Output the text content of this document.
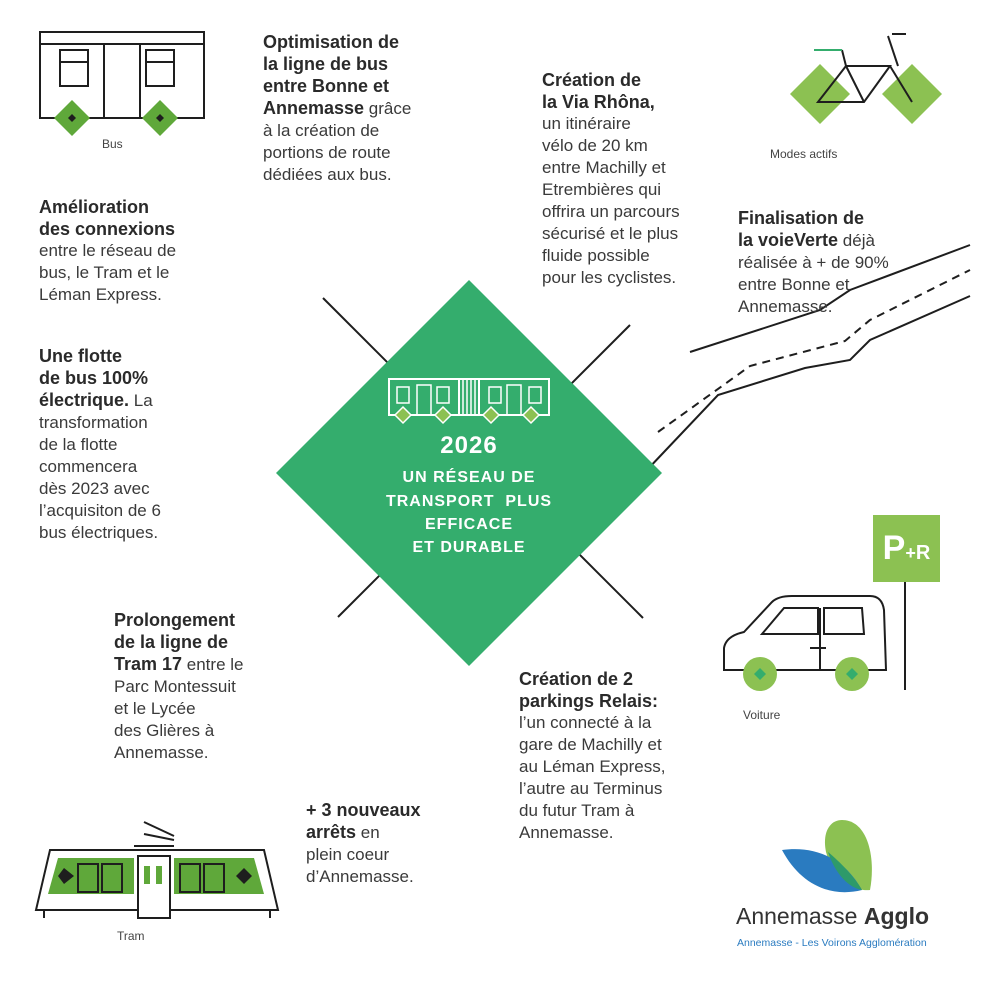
2026
UN RÉSEAU DE
TRANSPORT  PLUS
EFFICACE
ET DURABLE
Bus
Modes actifs
P+R
Voiture
Tram
Optimisation de
la ligne de bus
entre Bonne et
Annemasse grâce
à la création de
portions de route
dédiées aux bus.
Amélioration
des connexions
entre le réseau de
bus, le Tram et le
Léman Express.
Une flotte
de bus 100%
électrique. La
transformation
de la flotte
commencera
dès 2023 avec
l’acquisiton de 6
bus électriques.
Prolongement
de la ligne de
Tram 17 entre le
Parc Montessuit
et le Lycée
des Glières à
Annemasse.
+ 3 nouveaux
arrêts en
plein coeur
d’Annemasse.
Création de
la Via Rhôna,
un itinéraire
vélo de 20 km
entre Machilly et
Etrembières qui
offrira un parcours
sécurisé et le plus
fluide possible
pour les cyclistes.
Finalisation de
la voieVerte déjà
réalisée à + de 90%
entre Bonne et
Annemasse.
Création de 2
parkings Relais:
l’un connecté à la
gare de Machilly et
au Léman Express,
l’autre au Terminus
du futur Tram à
Annemasse.
Annemasse Agglo
Annemasse - Les Voirons Agglomération
